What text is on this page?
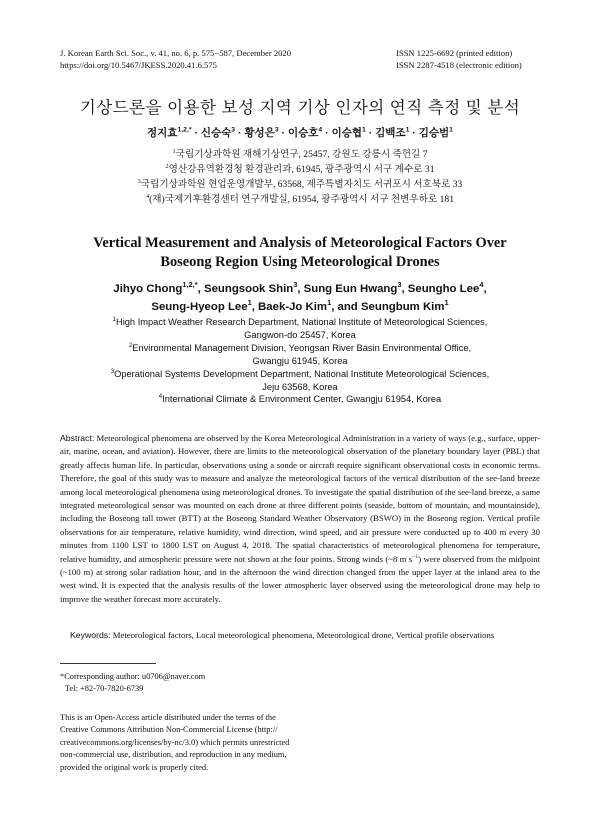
J. Korean Earth Sci. Soc., v. 41, no. 6, p. 575−587, December 2020
https://doi.org/10.5467/JKESS.2020.41.6.575
ISSN 1225-6692 (printed edition)
ISSN 2287-4518 (electronic edition)
기상드론을 이용한 보성 지역 기상 인자의 연직 측정 및 분석
정지효$^{1,2,*}$ · 신승숙$^3$ · 황성은$^3$ · 이승호$^4$ · 이승협$^1$ · 김백조$^1$ · 김승범$^1$
$^1$국립기상과학원 재해기상연구, 25457, 강원도 강릉시 죽헌길 7
$^2$영산강유역환경청 환경관리과, 61945, 광주광역시 서구 계수로 31
$^3$국립기상과학원 현업운영개발부, 63568, 제주특별자치도 서귀포시 서호북로 33
$^4$(재)국제기후환경센터 연구개발실, 61954, 광주광역시 서구 천변우하로 181
Vertical Measurement and Analysis of Meteorological Factors Over
Boseong Region Using Meteorological Drones
Jihyo Chong$^{1,2,*}$, Seungsook Shin$^3$, Sung Eun Hwang$^3$, Seungho Lee$^4$,
Seung-Hyeop Lee$^1$, Baek-Jo Kim$^1$, and Seungbum Kim$^1$
$^1$High Impact Weather Research Department, National Institute of Meteorological Sciences,
Gangwon-do 25457, Korea
$^2$Environmental Management Division, Yeongsan River Basin Environmental Office,
Gwangju 61945, Korea
$^3$Operational Systems Development Department, National Institute Meteorological Sciences,
Jeju 63568, Korea
$^4$International Climate & Environment Center, Gwangju 61954, Korea
Abstract: Meteorological phenomena are observed by the Korea Meteorological Administration in a variety of ways (e.g., surface, upper-air, marine, ocean, and aviation). However, there are limits to the meteorological observation of the planetary boundary layer (PBL) that greatly affects human life. In particular, observations using a sonde or aircraft require significant observational costs in economic terms. Therefore, the goal of this study was to measure and analyze the meteorological factors of the vertical distribution of the see-land breeze among local meteorological phenomena using meteorological drones. To investigate the spatial distribution of the see-land breeze, a same integrated meteorological sensor was mounted on each drone at three different points (seaside, bottom of mountain, and mountainside), including the Boseong tall tower (BTT) at the Boseong Standard Weather Observatory (BSWO) in the Boseong region. Vertical profile observations for air temperature, relative humidity, wind direction, wind speed, and air pressure were conducted up to 400 m every 30 minutes from 1100 LST to 1800 LST on August 4, 2018. The spatial characteristics of meteorological phenomena for temperature, relative humidity, and atmospheric pressure were not shown at the four points. Strong winds (~8 m $s^{-1}$) were observed from the midpoint (~100 m) at strong solar radiation hour, and in the afternoon the wind direction changed from the upper layer at the inland area to the west wind. It is expected that the analysis results of the lower atmospheric layer observed using the meteorological drone may help to improve the weather forecast more accurately.
Keywords: Meteorological factors, Local meteorological phenomena, Meteorological drone, Vertical profile observations
*Corresponding author: u0706@naver.com
Tel: +82-70-7820-6739
This is an Open-Access article distributed under the terms of the
Creative Commons Attribution Non-Commercial License (http://
creativecommons.org/licenses/by-nc/3.0) which permits unrestricted
non-commercial use, distribution, and reproduction in any medium,
provided the original work is properly cited.
